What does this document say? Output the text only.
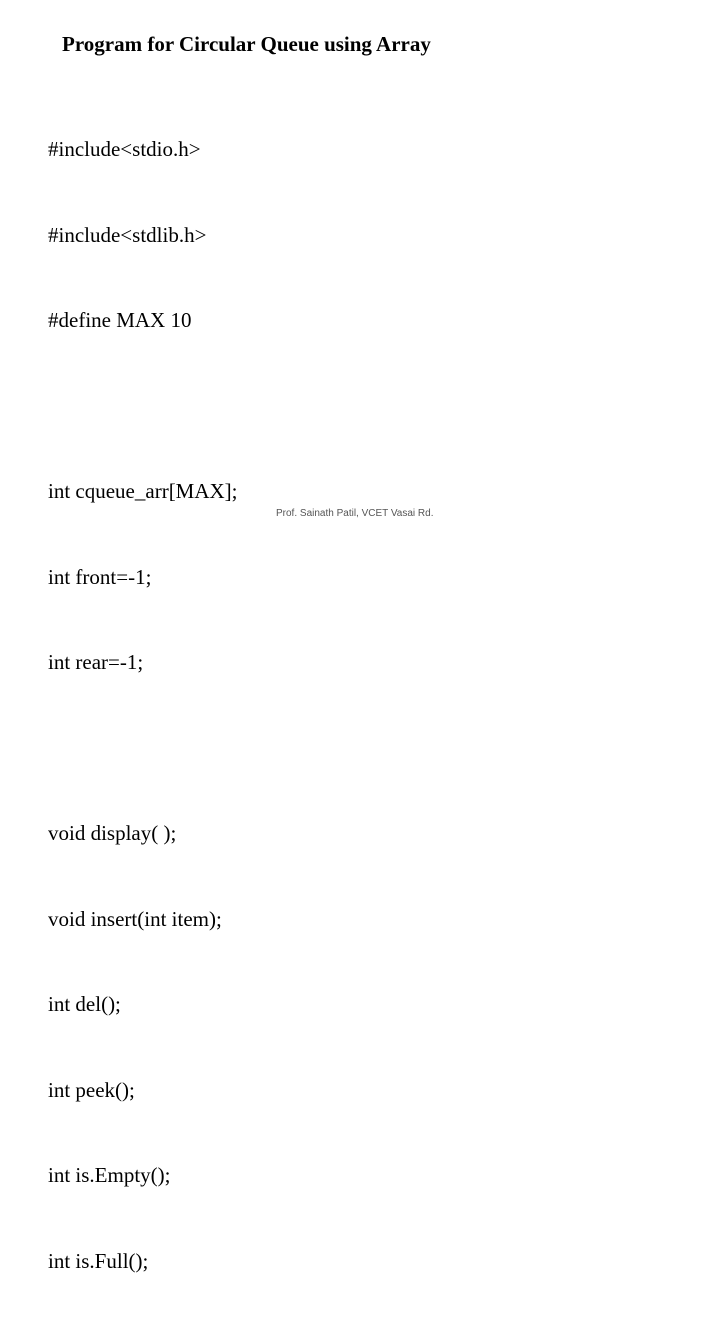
Program for Circular Queue using Array

#include<stdio.h>

#include<stdlib.h>

#define MAX 10

int cqueue_arr[MAX];

int front=-1;

int rear=-1;

void display( );

void insert(int item);

int del();

int peek();

int is.Empty();

int is.Full();

Prof. Sainath Patil, VCET Vasai Rd.
